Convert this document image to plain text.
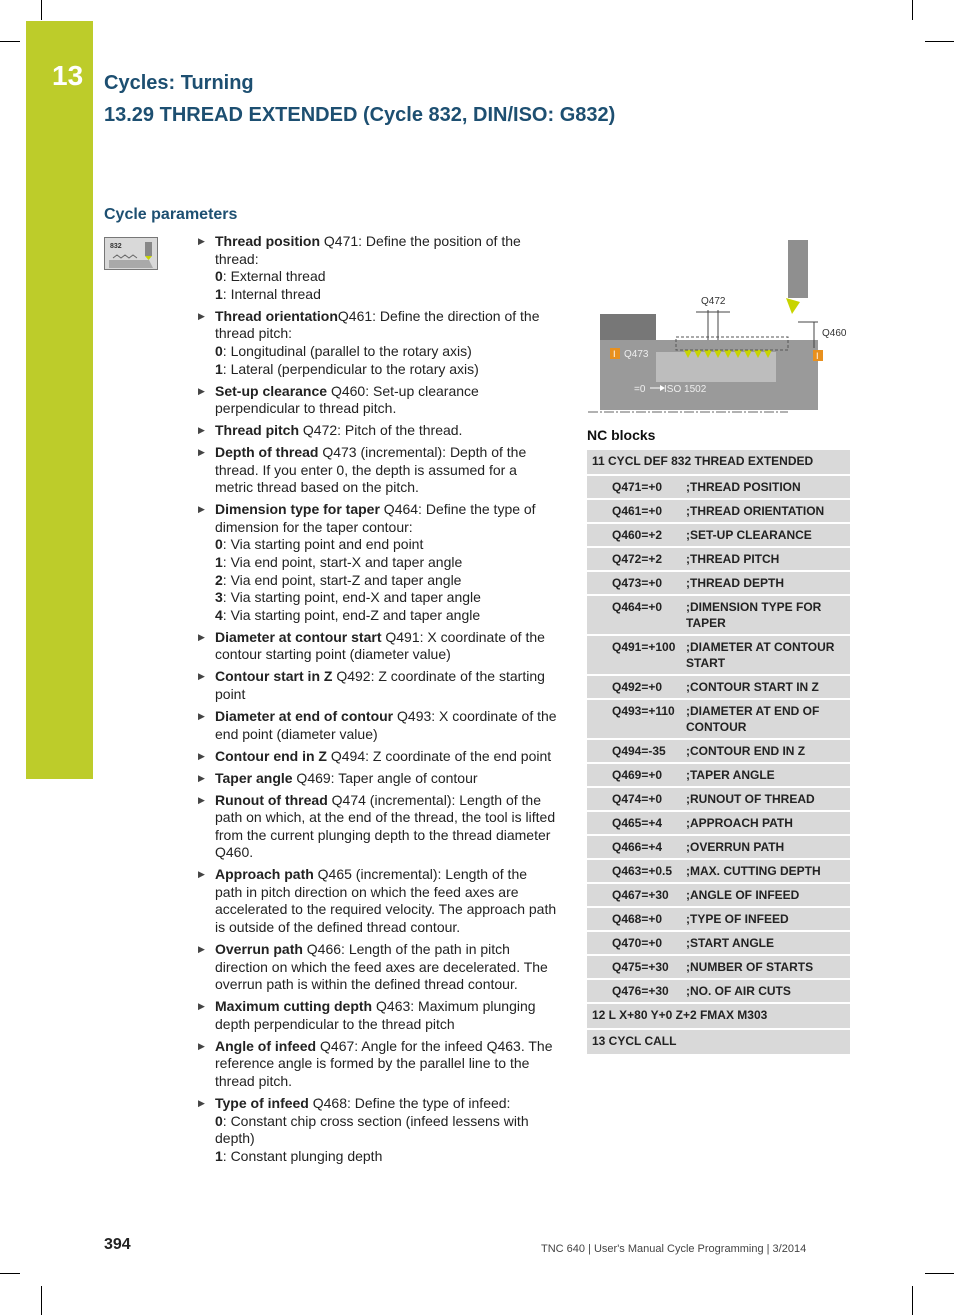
13 Cycles: Turning
13.29 THREAD EXTENDED (Cycle 832, DIN/ISO: G832)
Cycle parameters
832
▶	Thread position Q471: Define the position of the thread:
0: External thread
1: Internal thread
▶ Thread orientationQ461: Define the direction of the thread pitch:
0: Longitudinal (parallel to the rotary axis)
1: Lateral (perpendicular to the rotary axis)
▶ Set-up clearance Q460: Set-up clearance perpendicular to thread pitch.
▶ Thread pitch Q472: Pitch of the thread.
▶ Depth of thread Q473 (incremental): Depth of the thread. If you enter 0, the depth is assumed for a metric thread based on the pitch.
▶ Dimension type for taper Q464: Define the type of dimension for the taper contour:
0: Via starting point and end point
1: Via end point, start-X and taper angle
2: Via end point, start-Z and taper angle
3: Via starting point, end-X and taper angle
4: Via starting point, end-Z and taper angle
▶ Diameter at contour start Q491: X coordinate of the contour starting point (diameter value)
▶ Contour start in Z Q492: Z coordinate of the starting point
▶ Diameter at end of contour Q493: X coordinate of the end point (diameter value)
▶ Contour end in Z Q494: Z coordinate of the end point
▶ Taper angle Q469: Taper angle of contour
▶ Runout of thread Q474 (incremental): Length of the path on which, at the end of the thread, the tool is lifted from the current plunging depth to the thread diameter Q460.
▶ Approach path Q465 (incremental): Length of the path in pitch direction on which the feed axes are accelerated to the required velocity. The approach path is outside of the defined thread contour.
▶ Overrun path Q466: Length of the path in pitch direction on which the feed axes are decelerated. The overrun path is within the defined thread contour.
▶ Maximum cutting depth Q463: Maximum plunging depth perpendicular to the thread pitch
▶ Angle of infeed Q467: Angle for the infeed Q463. The reference angle is formed by the parallel line to the thread pitch.
▶ Type of infeed Q468: Define the type of infeed:
0: Constant chip cross section (infeed lessens with depth)
1: Constant plunging depth
Q472
Q460
Q473
I	I
=0 ISO 1502
NC blocks
11 CYCL DEF 832 THREAD EXTENDED
Q471=+0	;THREAD POSITION
Q461=+0	;THREAD ORIENTATION
Q460=+2	;SET-UP CLEARANCE
Q472=+2	;THREAD PITCH
Q473=+0	;THREAD DEPTH
Q464=+0	;DIMENSION TYPE FOR TAPER
Q491=+100 ;DIAMETER AT CONTOUR START
Q492=+0	;CONTOUR START IN Z
Q493=+110 ;DIAMETER AT END OF CONTOUR
Q494=-35	;CONTOUR END IN Z
Q469=+0	;TAPER ANGLE
Q474=+0	;RUNOUT OF THREAD
Q465=+4	;APPROACH PATH
Q466=+4	;OVERRUN PATH
Q463=+0.5	;MAX. CUTTING DEPTH
Q467=+30	;ANGLE OF INFEED
Q468=+0	;TYPE OF INFEED
Q470=+0	;START ANGLE
Q475=+30	;NUMBER OF STARTS
Q476=+30	;NO. OF AIR CUTS
12 L X+80 Y+0 Z+2 FMAX M303
13 CYCL CALL
394	TNC 640 | User's Manual Cycle Programming | 3/2014
